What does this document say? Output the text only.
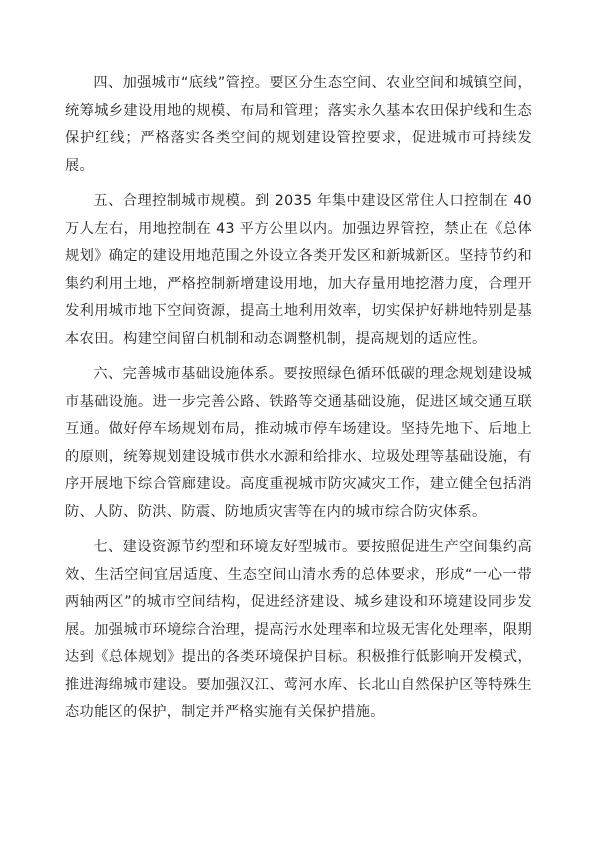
四、加强城市“底线”管控。要区分生态空间、农业空间和城镇空间，统筹城乡建设用地的规模、布局和管理；落实永久基本农田保护线和生态保护红线；严格落实各类空间的规划建设管控要求，促进城市可持续发展。

五、合理控制城市规模。到 2035 年集中建设区常住人口控制在 40 万人左右，用地控制在 43 平方公里以内。加强边界管控，禁止在《总体规划》确定的建设用地范围之外设立各类开发区和新城新区。坚持节约和集约利用土地，严格控制新增建设用地，加大存量用地挖潜力度，合理开发利用城市地下空间资源，提高土地利用效率，切实保护好耕地特别是基本农田。构建空间留白机制和动态调整机制，提高规划的适应性。

六、完善城市基础设施体系。要按照绿色循环低碳的理念规划建设城市基础设施。进一步完善公路、铁路等交通基础设施，促进区域交通互联互通。做好停车场规划布局，推动城市停车场建设。坚持先地下、后地上的原则，统筹规划建设城市供水水源和给排水、垃圾处理等基础设施，有序开展地下综合管廊建设。高度重视城市防灾减灾工作，建立健全包括消防、人防、防洪、防震、防地质灾害等在内的城市综合防灾体系。

七、建设资源节约型和环境友好型城市。要按照促进生产空间集约高效、生活空间宜居适度、生态空间山清水秀的总体要求，形成“一心一带两轴两区”的城市空间结构，促进经济建设、城乡建设和环境建设同步发展。加强城市环境综合治理，提高污水处理率和垃圾无害化处理率，限期达到《总体规划》提出的各类环境保护目标。积极推行低影响开发模式，推进海绵城市建设。要加强汉江、莺河水库、长北山自然保护区等特殊生态功能区的保护，制定并严格实施有关保护措施。
